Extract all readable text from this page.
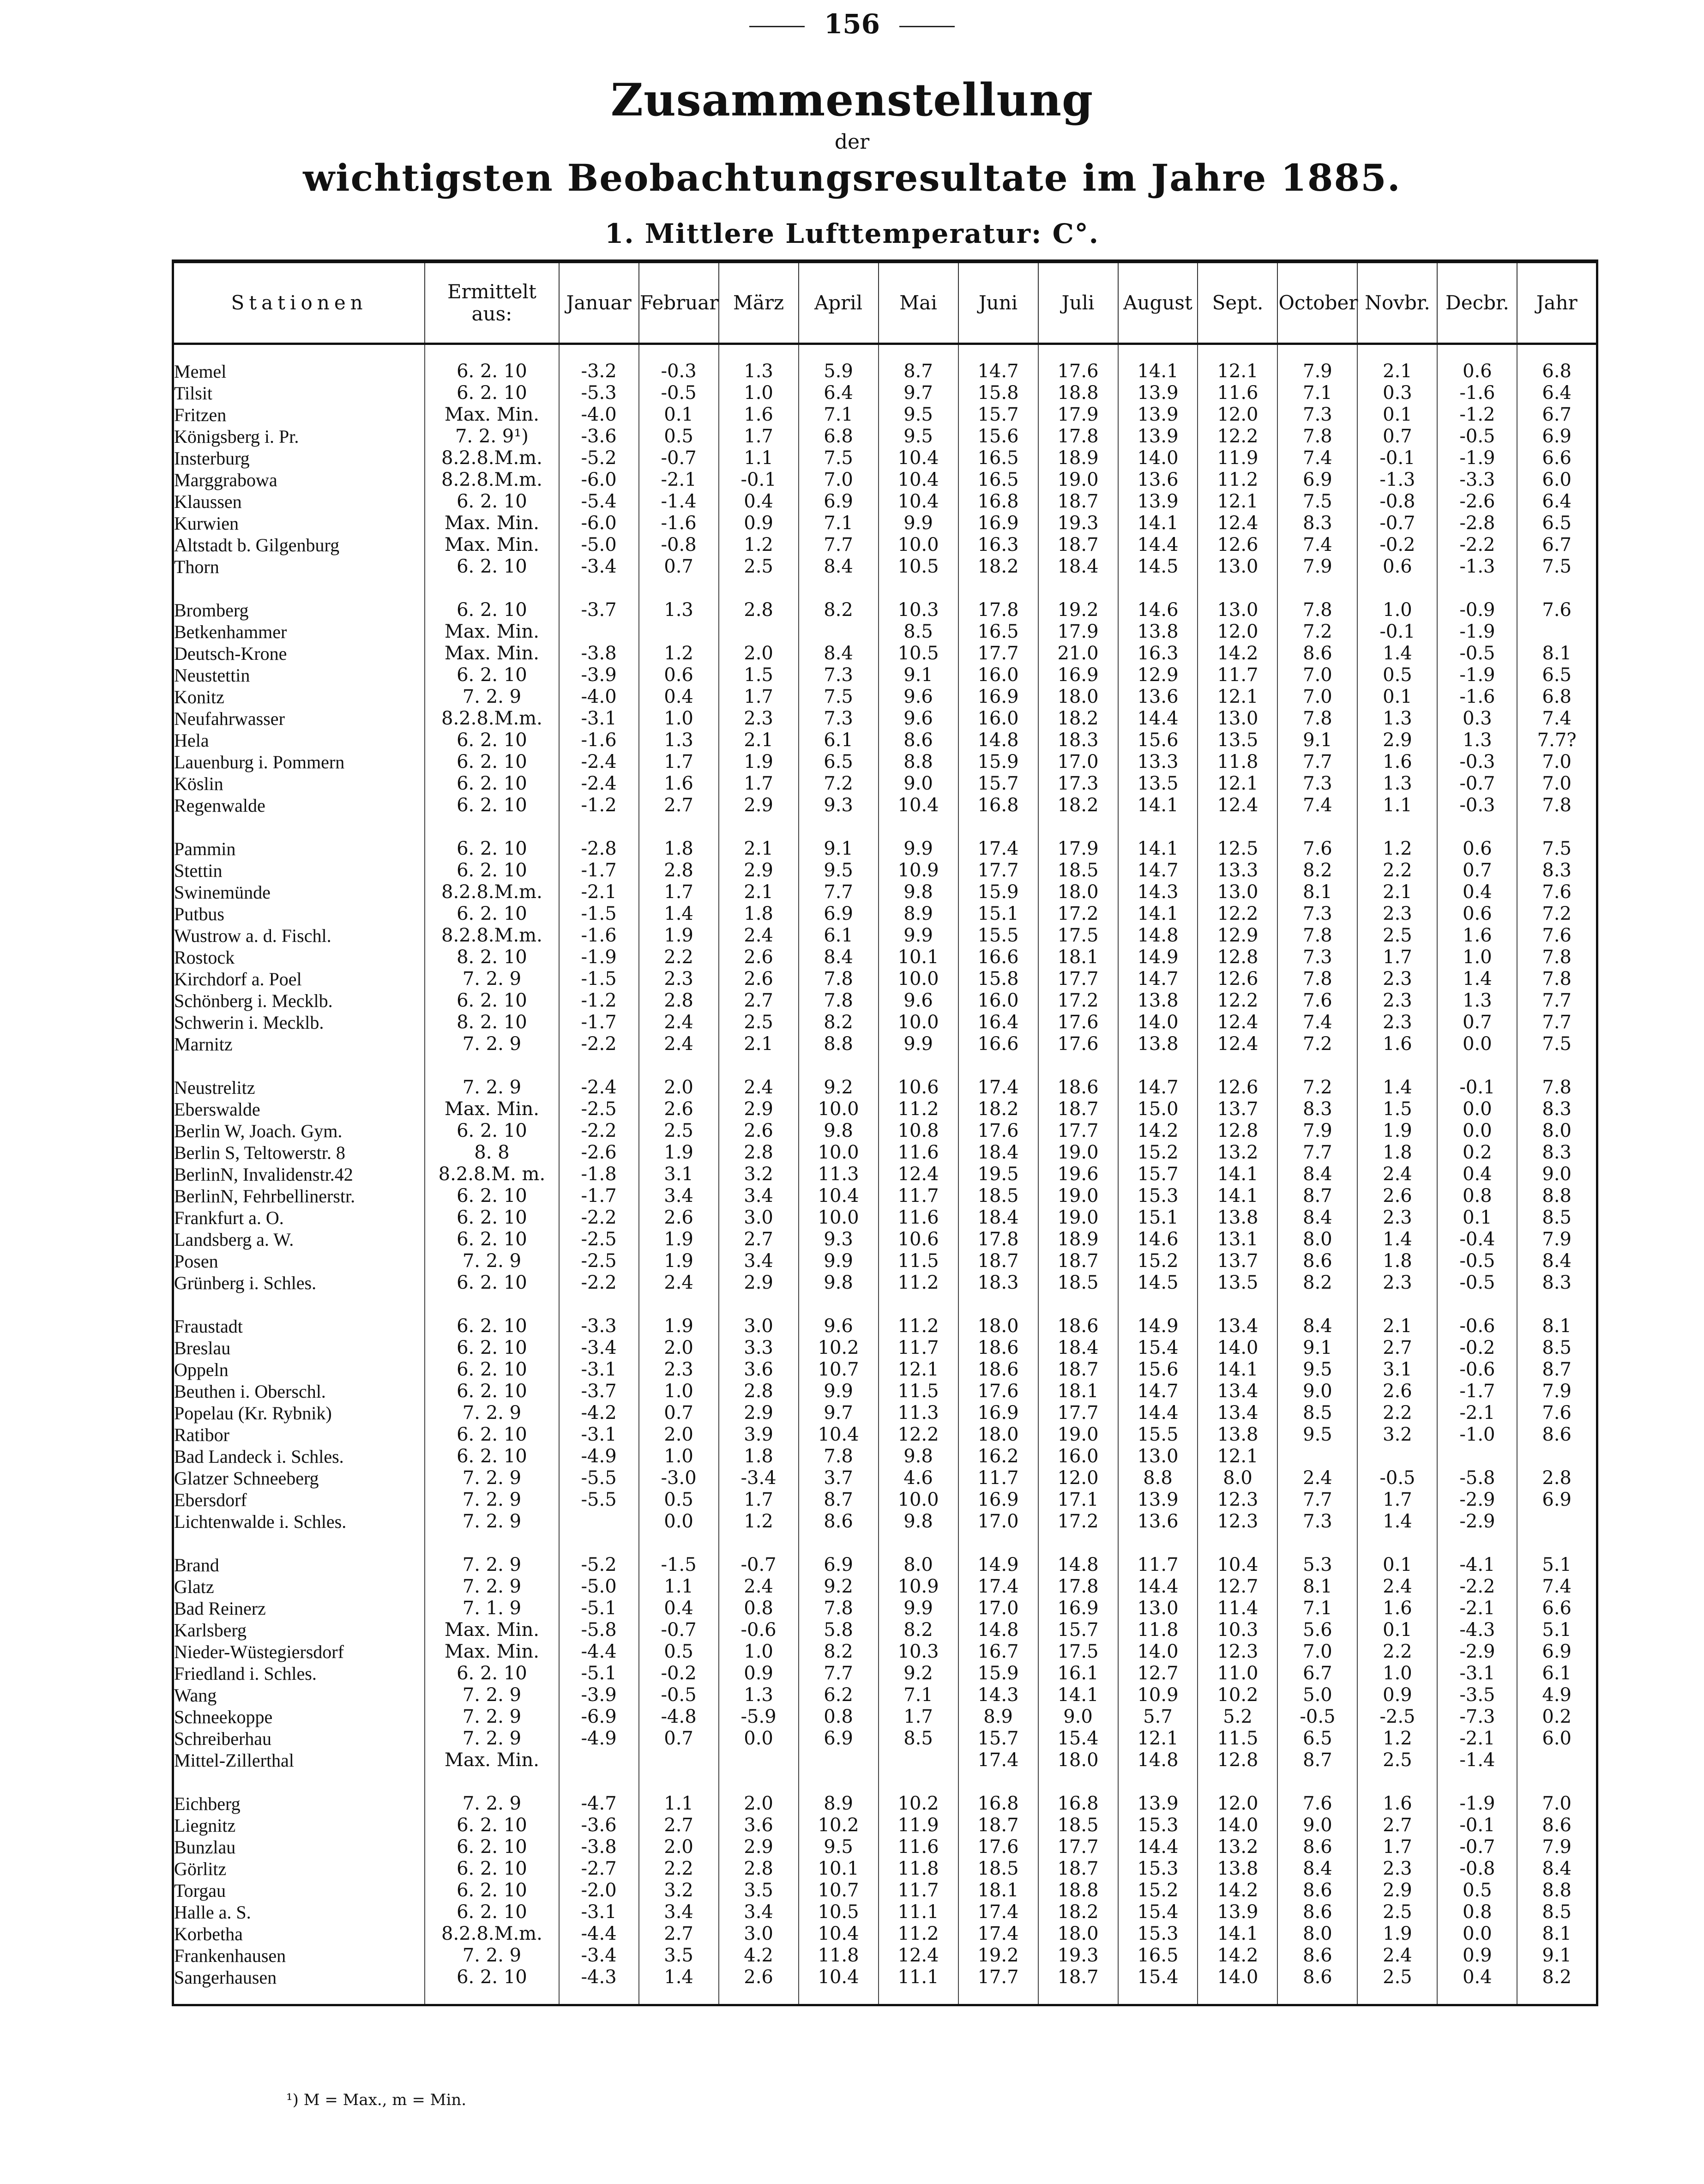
156
Zusammenstellung
der
wichtigsten Beobachtungsresultate im Jahre 1885.
1. Mittlere Lufttemperatur: C°.
Stationen	Ermittelt aus:	Januar	Februar	März	April	Mai	Juni	Juli	August	Sept.	October	Novbr.	Decbr.	Jahr

Memel	6. 2. 10	-3.2	-0.3	1.3	5.9	8.7	14.7	17.6	14.1	12.1	7.9	2.1	0.6	6.8
Tilsit	6. 2. 10	-5.3	-0.5	1.0	6.4	9.7	15.8	18.8	13.9	11.6	7.1	0.3	-1.6	6.4
Fritzen	Max. Min.	-4.0	0.1	1.6	7.1	9.5	15.7	17.9	13.9	12.0	7.3	0.1	-1.2	6.7
Königsberg i. Pr.	7. 2. 9¹)	-3.6	0.5	1.7	6.8	9.5	15.6	17.8	13.9	12.2	7.8	0.7	-0.5	6.9
Insterburg	8.2.8.M.m.	-5.2	-0.7	1.1	7.5	10.4	16.5	18.9	14.0	11.9	7.4	-0.1	-1.9	6.6
Marggrabowa	8.2.8.M.m.	-6.0	-2.1	-0.1	7.0	10.4	16.5	19.0	13.6	11.2	6.9	-1.3	-3.3	6.0
Klaussen	6. 2. 10	-5.4	-1.4	0.4	6.9	10.4	16.8	18.7	13.9	12.1	7.5	-0.8	-2.6	6.4
Kurwien	Max. Min.	-6.0	-1.6	0.9	7.1	9.9	16.9	19.3	14.1	12.4	8.3	-0.7	-2.8	6.5
Altstadt b. Gilgenburg	Max. Min.	-5.0	-0.8	1.2	7.7	10.0	16.3	18.7	14.4	12.6	7.4	-0.2	-2.2	6.7
Thorn	6. 2. 10	-3.4	0.7	2.5	8.4	10.5	18.2	18.4	14.5	13.0	7.9	0.6	-1.3	7.5

Bromberg	6. 2. 10	-3.7	1.3	2.8	8.2	10.3	17.8	19.2	14.6	13.0	7.8	1.0	-0.9	7.6
Betkenhammer	Max. Min.					8.5	16.5	17.9	13.8	12.0	7.2	-0.1	-1.9	
Deutsch-Krone	Max. Min.	-3.8	1.2	2.0	8.4	10.5	17.7	21.0	16.3	14.2	8.6	1.4	-0.5	8.1
Neustettin	6. 2. 10	-3.9	0.6	1.5	7.3	9.1	16.0	16.9	12.9	11.7	7.0	0.5	-1.9	6.5
Konitz	7. 2. 9	-4.0	0.4	1.7	7.5	9.6	16.9	18.0	13.6	12.1	7.0	0.1	-1.6	6.8
Neufahrwasser	8.2.8.M.m.	-3.1	1.0	2.3	7.3	9.6	16.0	18.2	14.4	13.0	7.8	1.3	0.3	7.4
Hela	6. 2. 10	-1.6	1.3	2.1	6.1	8.6	14.8	18.3	15.6	13.5	9.1	2.9	1.3	7.7?
Lauenburg i. Pommern	6. 2. 10	-2.4	1.7	1.9	6.5	8.8	15.9	17.0	13.3	11.8	7.7	1.6	-0.3	7.0
Köslin	6. 2. 10	-2.4	1.6	1.7	7.2	9.0	15.7	17.3	13.5	12.1	7.3	1.3	-0.7	7.0
Regenwalde	6. 2. 10	-1.2	2.7	2.9	9.3	10.4	16.8	18.2	14.1	12.4	7.4	1.1	-0.3	7.8

Pammin	6. 2. 10	-2.8	1.8	2.1	9.1	9.9	17.4	17.9	14.1	12.5	7.6	1.2	0.6	7.5
Stettin	6. 2. 10	-1.7	2.8	2.9	9.5	10.9	17.7	18.5	14.7	13.3	8.2	2.2	0.7	8.3
Swinemünde	8.2.8.M.m.	-2.1	1.7	2.1	7.7	9.8	15.9	18.0	14.3	13.0	8.1	2.1	0.4	7.6
Putbus	6. 2. 10	-1.5	1.4	1.8	6.9	8.9	15.1	17.2	14.1	12.2	7.3	2.3	0.6	7.2
Wustrow a. d. Fischl.	8.2.8.M.m.	-1.6	1.9	2.4	6.1	9.9	15.5	17.5	14.8	12.9	7.8	2.5	1.6	7.6
Rostock	8. 2. 10	-1.9	2.2	2.6	8.4	10.1	16.6	18.1	14.9	12.8	7.3	1.7	1.0	7.8
Kirchdorf a. Poel	7. 2. 9	-1.5	2.3	2.6	7.8	10.0	15.8	17.7	14.7	12.6	7.8	2.3	1.4	7.8
Schönberg i. Mecklb.	6. 2. 10	-1.2	2.8	2.7	7.8	9.6	16.0	17.2	13.8	12.2	7.6	2.3	1.3	7.7
Schwerin i. Mecklb.	8. 2. 10	-1.7	2.4	2.5	8.2	10.0	16.4	17.6	14.0	12.4	7.4	2.3	0.7	7.7
Marnitz	7. 2. 9	-2.2	2.4	2.1	8.8	9.9	16.6	17.6	13.8	12.4	7.2	1.6	0.0	7.5

Neustrelitz	7. 2. 9	-2.4	2.0	2.4	9.2	10.6	17.4	18.6	14.7	12.6	7.2	1.4	-0.1	7.8
Eberswalde	Max. Min.	-2.5	2.6	2.9	10.0	11.2	18.2	18.7	15.0	13.7	8.3	1.5	0.0	8.3
Berlin W, Joach. Gym.	6. 2. 10	-2.2	2.5	2.6	9.8	10.8	17.6	17.7	14.2	12.8	7.9	1.9	0.0	8.0
Berlin S, Teltowerstr. 8	8. 8	-2.6	1.9	2.8	10.0	11.6	18.4	19.0	15.2	13.2	7.7	1.8	0.2	8.3
BerlinN, Invalidenstr.42	8.2.8.M. m.	-1.8	3.1	3.2	11.3	12.4	19.5	19.6	15.7	14.1	8.4	2.4	0.4	9.0
BerlinN, Fehrbellinerstr.	6. 2. 10	-1.7	3.4	3.4	10.4	11.7	18.5	19.0	15.3	14.1	8.7	2.6	0.8	8.8
Frankfurt a. O.	6. 2. 10	-2.2	2.6	3.0	10.0	11.6	18.4	19.0	15.1	13.8	8.4	2.3	0.1	8.5
Landsberg a. W.	6. 2. 10	-2.5	1.9	2.7	9.3	10.6	17.8	18.9	14.6	13.1	8.0	1.4	-0.4	7.9
Posen	7. 2. 9	-2.5	1.9	3.4	9.9	11.5	18.7	18.7	15.2	13.7	8.6	1.8	-0.5	8.4
Grünberg i. Schles.	6. 2. 10	-2.2	2.4	2.9	9.8	11.2	18.3	18.5	14.5	13.5	8.2	2.3	-0.5	8.3

Fraustadt	6. 2. 10	-3.3	1.9	3.0	9.6	11.2	18.0	18.6	14.9	13.4	8.4	2.1	-0.6	8.1
Breslau	6. 2. 10	-3.4	2.0	3.3	10.2	11.7	18.6	18.4	15.4	14.0	9.1	2.7	-0.2	8.5
Oppeln	6. 2. 10	-3.1	2.3	3.6	10.7	12.1	18.6	18.7	15.6	14.1	9.5	3.1	-0.6	8.7
Beuthen i. Oberschl.	6. 2. 10	-3.7	1.0	2.8	9.9	11.5	17.6	18.1	14.7	13.4	9.0	2.6	-1.7	7.9
Popelau (Kr. Rybnik)	7. 2. 9	-4.2	0.7	2.9	9.7	11.3	16.9	17.7	14.4	13.4	8.5	2.2	-2.1	7.6
Ratibor	6. 2. 10	-3.1	2.0	3.9	10.4	12.2	18.0	19.0	15.5	13.8	9.5	3.2	-1.0	8.6
Bad Landeck i. Schles.	6. 2. 10	-4.9	1.0	1.8	7.8	9.8	16.2	16.0	13.0	12.1				
Glatzer Schneeberg	7. 2. 9	-5.5	-3.0	-3.4	3.7	4.6	11.7	12.0	8.8	8.0	2.4	-0.5	-5.8	2.8
Ebersdorf	7. 2. 9	-5.5	0.5	1.7	8.7	10.0	16.9	17.1	13.9	12.3	7.7	1.7	-2.9	6.9
Lichtenwalde i. Schles.	7. 2. 9		0.0	1.2	8.6	9.8	17.0	17.2	13.6	12.3	7.3	1.4	-2.9	

Brand	7. 2. 9	-5.2	-1.5	-0.7	6.9	8.0	14.9	14.8	11.7	10.4	5.3	0.1	-4.1	5.1
Glatz	7. 2. 9	-5.0	1.1	2.4	9.2	10.9	17.4	17.8	14.4	12.7	8.1	2.4	-2.2	7.4
Bad Reinerz	7. 1. 9	-5.1	0.4	0.8	7.8	9.9	17.0	16.9	13.0	11.4	7.1	1.6	-2.1	6.6
Karlsberg	Max. Min.	-5.8	-0.7	-0.6	5.8	8.2	14.8	15.7	11.8	10.3	5.6	0.1	-4.3	5.1
Nieder-Wüstegiersdorf	Max. Min.	-4.4	0.5	1.0	8.2	10.3	16.7	17.5	14.0	12.3	7.0	2.2	-2.9	6.9
Friedland i. Schles.	6. 2. 10	-5.1	-0.2	0.9	7.7	9.2	15.9	16.1	12.7	11.0	6.7	1.0	-3.1	6.1
Wang	7. 2. 9	-3.9	-0.5	1.3	6.2	7.1	14.3	14.1	10.9	10.2	5.0	0.9	-3.5	4.9
Schneekoppe	7. 2. 9	-6.9	-4.8	-5.9	0.8	1.7	8.9	9.0	5.7	5.2	-0.5	-2.5	-7.3	0.2
Schreiberhau	7. 2. 9	-4.9	0.7	0.0	6.9	8.5	15.7	15.4	12.1	11.5	6.5	1.2	-2.1	6.0
Mittel-Zillerthal	Max. Min.						17.4	18.0	14.8	12.8	8.7	2.5	-1.4	

Eichberg	7. 2. 9	-4.7	1.1	2.0	8.9	10.2	16.8	16.8	13.9	12.0	7.6	1.6	-1.9	7.0
Liegnitz	6. 2. 10	-3.6	2.7	3.6	10.2	11.9	18.7	18.5	15.3	14.0	9.0	2.7	-0.1	8.6
Bunzlau	6. 2. 10	-3.8	2.0	2.9	9.5	11.6	17.6	17.7	14.4	13.2	8.6	1.7	-0.7	7.9
Görlitz	6. 2. 10	-2.7	2.2	2.8	10.1	11.8	18.5	18.7	15.3	13.8	8.4	2.3	-0.8	8.4
Torgau	6. 2. 10	-2.0	3.2	3.5	10.7	11.7	18.1	18.8	15.2	14.2	8.6	2.9	0.5	8.8
Halle a. S.	6. 2. 10	-3.1	3.4	3.4	10.5	11.1	17.4	18.2	15.4	13.9	8.6	2.5	0.8	8.5
Korbetha	8.2.8.M.m.	-4.4	2.7	3.0	10.4	11.2	17.4	18.0	15.3	14.1	8.0	1.9	0.0	8.1
Frankenhausen	7. 2. 9	-3.4	3.5	4.2	11.8	12.4	19.2	19.3	16.5	14.2	8.6	2.4	0.9	9.1
Sangerhausen	6. 2. 10	-4.3	1.4	2.6	10.4	11.1	17.7	18.7	15.4	14.0	8.6	2.5	0.4	8.2

¹) M = Max., m = Min.
